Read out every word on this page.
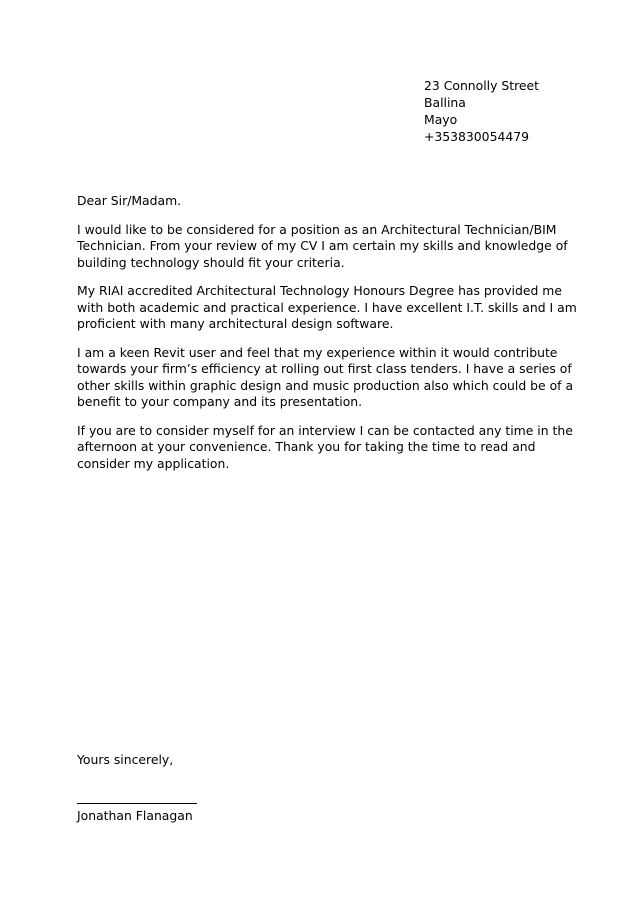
23 Connolly Street
Ballina
Mayo
+353830054479

Dear Sir/Madam.

I would like to be considered for a position as an Architectural Technician/BIM Technician. From your review of my CV I am certain my skills and knowledge of building technology should fit your criteria.

My RIAI accredited Architectural Technology Honours Degree has provided me with both academic and practical experience. I have excellent I.T. skills and I am proficient with many architectural design software.

I am a keen Revit user and feel that my experience within it would contribute towards your firm’s efficiency at rolling out first class tenders. I have a series of other skills within graphic design and music production also which could be of a benefit to your company and its presentation.

If you are to consider myself for an interview I can be contacted any time in the afternoon at your convenience. Thank you for taking the time to read and consider my application.

Yours sincerely,
Jonathan Flanagan
